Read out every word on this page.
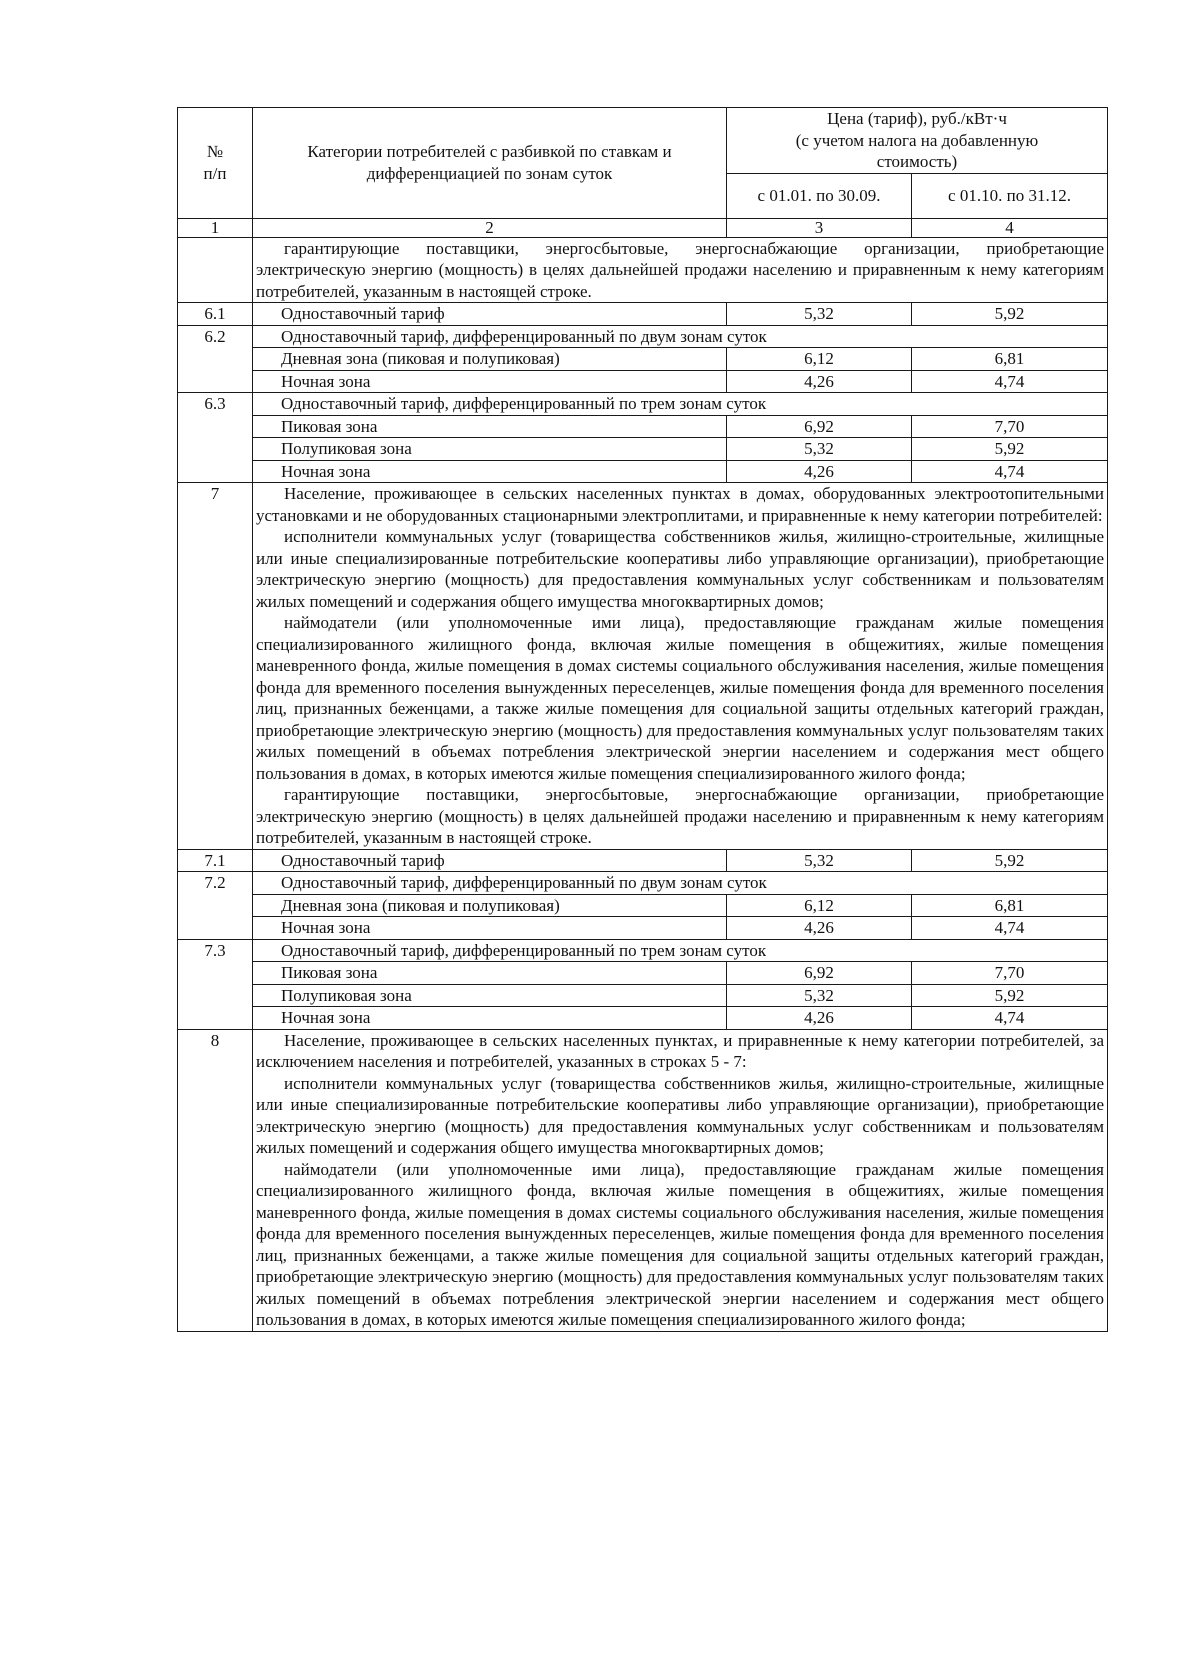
№
п/п	Категории потребителей с разбивкой по ставкам и дифференциацией по зонам суток	Цена (тариф), руб./кВт·ч
(с учетом налога на добавленную стоимость)	
		с 01.01. по 30.09.	с 01.10. по 31.12.
1	2	3	4

	гарантирующие поставщики, энергосбытовые, энергоснабжающие организации, приобретающие электрическую энергию (мощность) в целях дальнейшей продажи населению и приравненным к нему категориям потребителей, указанным в настоящей строке.		

6.1	Одноставочный тариф	5,32	5,92
6.2	Одноставочный тариф, дифференцированный по двум зонам суток		
	Дневная зона (пиковая и полупиковая)	6,12	6,81
	Ночная зона	4,26	4,74
6.3	Одноставочный тариф, дифференцированный по трем зонам суток		
	Пиковая зона	6,92	7,70
	Полупиковая зона	5,32	5,92
	Ночная зона	4,26	4,74
7	Население, проживающее в сельских населенных пунктах в домах, оборудованных электроотопительными установками и не оборудованных стационарными электроплитами, и приравненные к нему категории потребителей:

исполнители коммунальных услуг (товарищества собственников жилья, жилищно-строительные, жилищные или иные специализированные потребительские кооперативы либо управляющие организации), приобретающие электрическую энергию (мощность) для предоставления коммунальных услуг собственникам и пользователям жилых помещений и содержания общего имущества многоквартирных домов;

наймодатели (или уполномоченные ими лица), предоставляющие гражданам жилые помещения специализированного жилищного фонда, включая жилые помещения в общежитиях, жилые помещения маневренного фонда, жилые помещения в домах системы социального обслуживания населения, жилые помещения фонда для временного поселения вынужденных переселенцев, жилые помещения фонда для временного поселения лиц, признанных беженцами, а также жилые помещения для социальной защиты отдельных категорий граждан, приобретающие электрическую энергию (мощность) для предоставления коммунальных услуг пользователям таких жилых помещений в объемах потребления электрической энергии населением и содержания мест общего пользования в домах, в которых имеются жилые помещения специализированного жилого фонда;

гарантирующие поставщики, энергосбытовые, энергоснабжающие организации, приобретающие электрическую энергию (мощность) в целях дальнейшей продажи населению и приравненным к нему категориям потребителей, указанным в настоящей строке.		

7.1	Одноставочный тариф	5,32	5,92
7.2	Одноставочный тариф, дифференцированный по двум зонам суток		
	Дневная зона (пиковая и полупиковая)	6,12	6,81
	Ночная зона	4,26	4,74
7.3	Одноставочный тариф, дифференцированный по трем зонам суток		
	Пиковая зона	6,92	7,70
	Полупиковая зона	5,32	5,92
	Ночная зона	4,26	4,74
8	Население, проживающее в сельских населенных пунктах, и приравненные к нему категории потребителей, за исключением населения и потребителей, указанных в строках 5 - 7:

исполнители коммунальных услуг (товарищества собственников жилья, жилищно-строительные, жилищные или иные специализированные потребительские кооперативы либо управляющие организации), приобретающие электрическую энергию (мощность) для предоставления коммунальных услуг собственникам и пользователям жилых помещений и содержания общего имущества многоквартирных домов;

наймодатели (или уполномоченные ими лица), предоставляющие гражданам жилые помещения специализированного жилищного фонда, включая жилые помещения в общежитиях, жилые помещения маневренного фонда, жилые помещения в домах системы социального обслуживания населения, жилые помещения фонда для временного поселения вынужденных переселенцев, жилые помещения фонда для временного поселения лиц, признанных беженцами, а также жилые помещения для социальной защиты отдельных категорий граждан, приобретающие электрическую энергию (мощность) для предоставления коммунальных услуг пользователям таких жилых помещений в объемах потребления электрической энергии населением и содержания мест общего пользования в домах, в которых имеются жилые помещения специализированного жилого фонда;		
